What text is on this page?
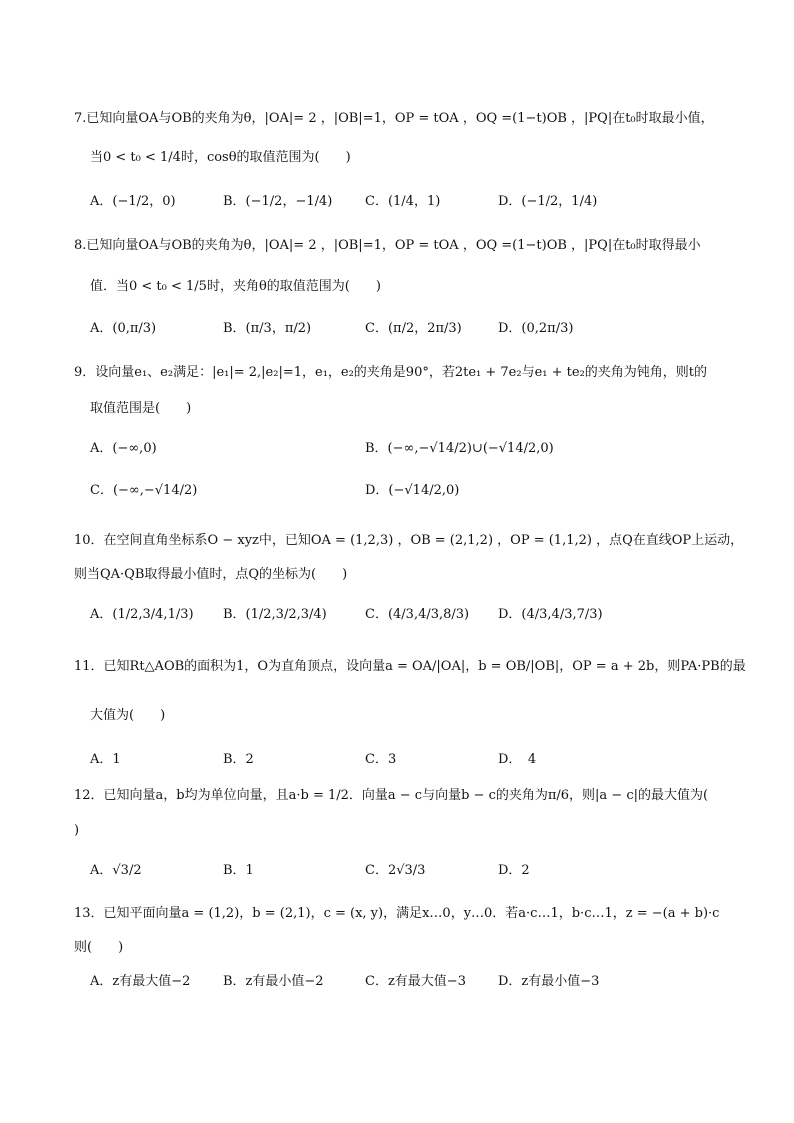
7.已知向量OA与OB的夹角为θ，|OA|= 2 ，|OB|=1，OP = tOA ，OQ =(1−t)OB ，|PQ|在t₀时取最小值，
当0 < t₀ < 1/4时，cosθ的取值范围为(　　)
A．(−1/2，0)	B．(−1/2，−1/4)	C．(1/4，1)	D．(−1/2，1/4)
8.已知向量OA与OB的夹角为θ，|OA|= 2 ，|OB|=1，OP = tOA ，OQ =(1−t)OB ，|PQ|在t₀时取得最小
值．当0 < t₀ < 1/5时，夹角θ的取值范围为(　　)
A．(0,π/3)	B．(π/3，π/2)	C．(π/2，2π/3)	D．(0,2π/3)
9．设向量e₁、e₂满足：|e₁|= 2,|e₂|=1，e₁，e₂的夹角是90°，若2te₁ + 7e₂与e₁ + te₂的夹角为钝角，则t的
取值范围是(　　)
A．(−∞,0)	B．(−∞,−√14/2)∪(−√14/2,0)
C．(−∞,−√14/2)	D．(−√14/2,0)
10．在空间直角坐标系O − xyz中，已知OA = (1,2,3) ，OB = (2,1,2) ，OP = (1,1,2) ，点Q在直线OP上运动，
则当QA·QB取得最小值时，点Q的坐标为(　　)
A．(1/2,3/4,1/3) B．(1/2,3/2,3/4)	C．(4/3,4/3,8/3) D．(4/3,4/3,7/3)
11．已知Rt△AOB的面积为1，O为直角顶点，设向量a = OA/|OA|，b = OB/|OB|，OP = a + 2b，则PA·PB的最
大值为(　　)
A．1	B．2	C．3	D．　4
12．已知向量a，b均为单位向量，且a·b = 1/2．向量a − c与向量b − c的夹角为π/6，则|a − c|的最大值为(
)
A．√3/2	B．1	C．2√3/3	D．2
13．已知平面向量a = (1,2)，b = (2,1)，c = (x, y)，满足x…0，y…0．若a·c…1，b·c…1，z = −(a + b)·c
则(　　)
A．z有最大值−2	B．z有最小值−2	C．z有最大值−3 D．z有最小值−3
